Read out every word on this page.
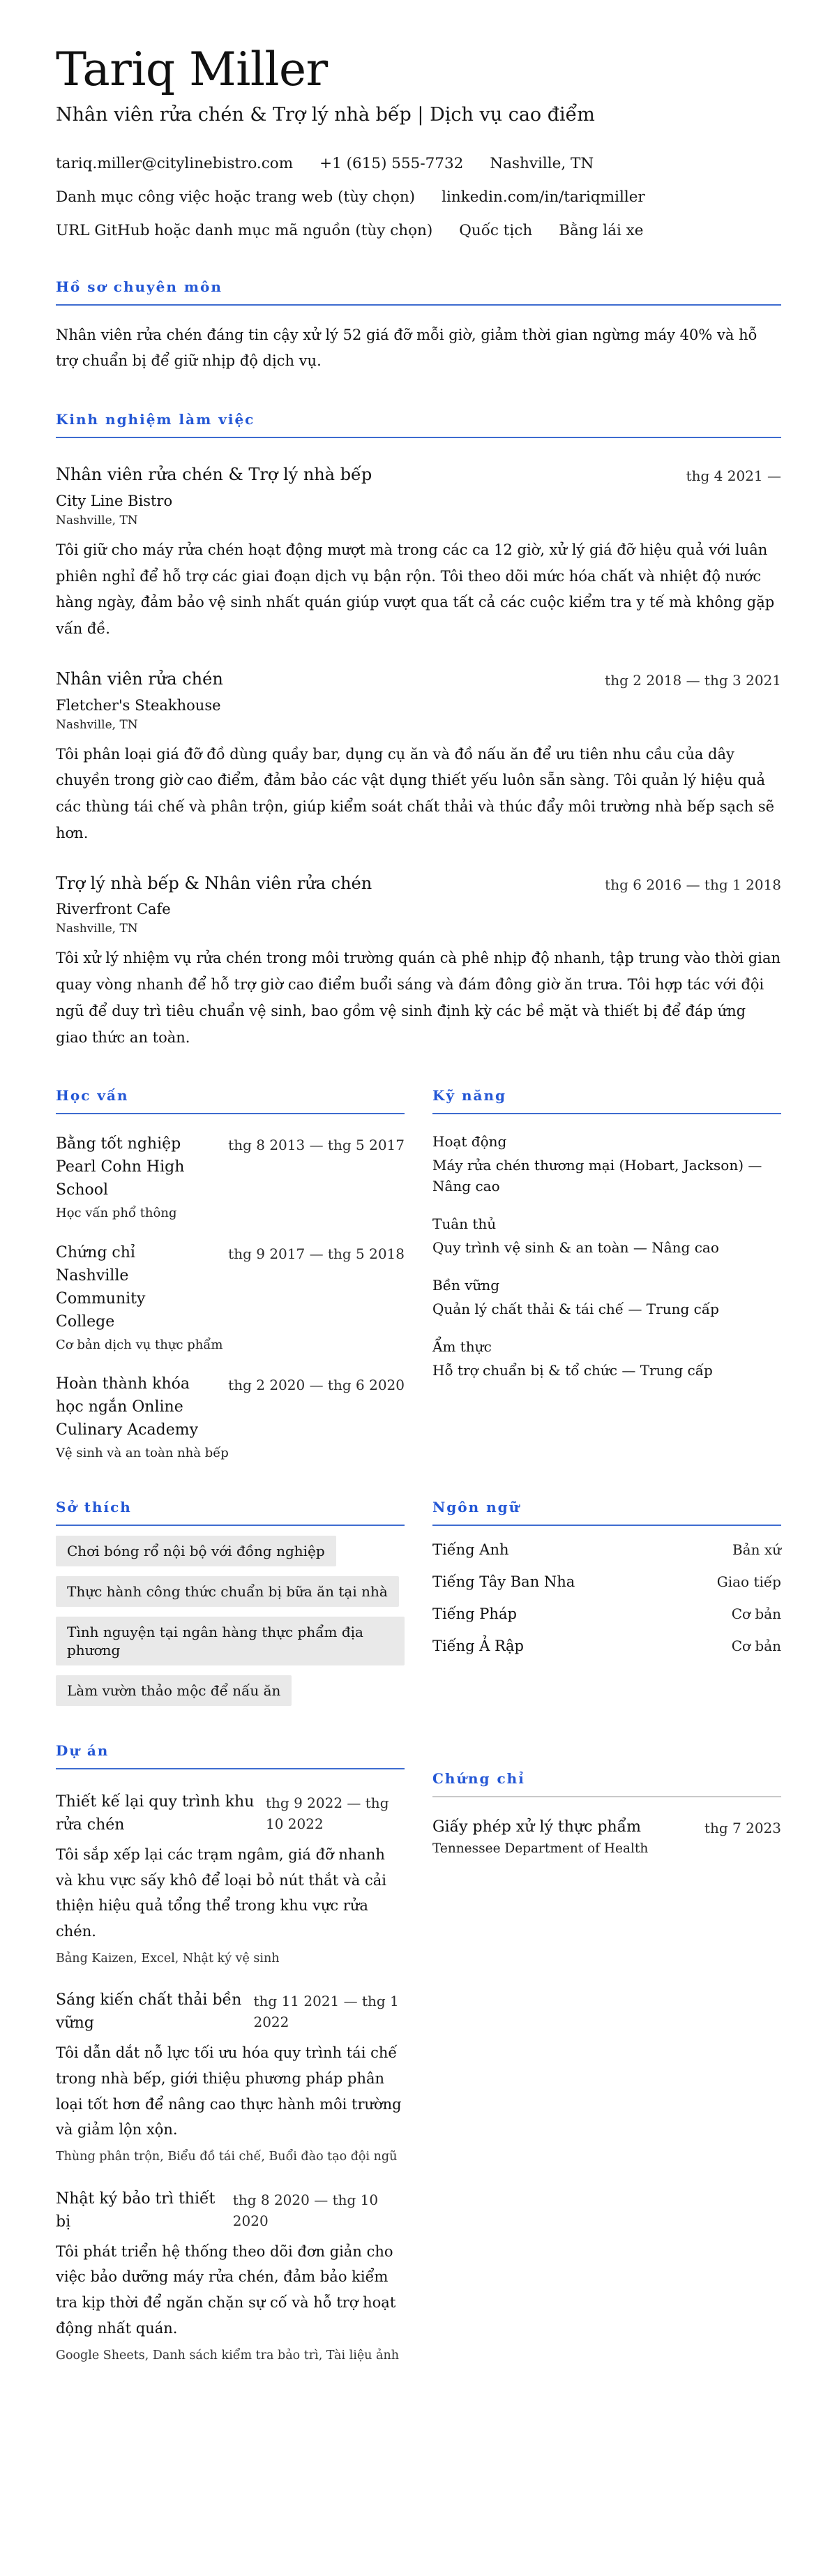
Tariq Miller
Nhân viên rửa chén & Trợ lý nhà bếp | Dịch vụ cao điểm
tariq.miller@citylinebistro.com +1 (615) 555-7732 Nashville, TN
Danh mục công việc hoặc trang web (tùy chọn) linkedin.com/in/tariqmiller
URL GitHub hoặc danh mục mã nguồn (tùy chọn) Quốc tịch Bằng lái xe
Hồ sơ chuyên môn
Nhân viên rửa chén đáng tin cậy xử lý 52 giá đỡ mỗi giờ, giảm thời gian ngừng máy 40% và hỗ trợ chuẩn bị để giữ nhịp độ dịch vụ.
Kinh nghiệm làm việc
Nhân viên rửa chén & Trợ lý nhà bếp	thg 4 2021 —
City Line Bistro
Nashville, TN
Tôi giữ cho máy rửa chén hoạt động mượt mà trong các ca 12 giờ, xử lý giá đỡ hiệu quả với luân phiên nghỉ để hỗ trợ các giai đoạn dịch vụ bận rộn. Tôi theo dõi mức hóa chất và nhiệt độ nước hàng ngày, đảm bảo vệ sinh nhất quán giúp vượt qua tất cả các cuộc kiểm tra y tế mà không gặp vấn đề.
Nhân viên rửa chén	thg 2 2018 — thg 3 2021
Fletcher's Steakhouse
Nashville, TN
Tôi phân loại giá đỡ đồ dùng quầy bar, dụng cụ ăn và đồ nấu ăn để ưu tiên nhu cầu của dây chuyền trong giờ cao điểm, đảm bảo các vật dụng thiết yếu luôn sẵn sàng. Tôi quản lý hiệu quả các thùng tái chế và phân trộn, giúp kiểm soát chất thải và thúc đẩy môi trường nhà bếp sạch sẽ hơn.
Trợ lý nhà bếp & Nhân viên rửa chén	thg 6 2016 — thg 1 2018
Riverfront Cafe
Nashville, TN
Tôi xử lý nhiệm vụ rửa chén trong môi trường quán cà phê nhịp độ nhanh, tập trung vào thời gian quay vòng nhanh để hỗ trợ giờ cao điểm buổi sáng và đám đông giờ ăn trưa. Tôi hợp tác với đội ngũ để duy trì tiêu chuẩn vệ sinh, bao gồm vệ sinh định kỳ các bề mặt và thiết bị để đáp ứng giao thức an toàn.
Học vấn
Bằng tốt nghiệp Pearl Cohn High School
thg 8 2013 — thg 5 2017
Học vấn phổ thông
Chứng chỉ Nashville Community College
thg 9 2017 — thg 5 2018
Cơ bản dịch vụ thực phẩm
Hoàn thành khóa học ngắn Online Culinary Academy
thg 2 2020 — thg 6 2020
Vệ sinh và an toàn nhà bếp
Kỹ năng
Hoạt động
Máy rửa chén thương mại (Hobart, Jackson) — Nâng cao
Tuân thủ
Quy trình vệ sinh & an toàn — Nâng cao
Bền vững
Quản lý chất thải & tái chế — Trung cấp
Ẩm thực
Hỗ trợ chuẩn bị & tổ chức — Trung cấp
Sở thích
Chơi bóng rổ nội bộ với đồng nghiệp
Thực hành công thức chuẩn bị bữa ăn tại nhà
Tình nguyện tại ngân hàng thực phẩm địa phương
Làm vườn thảo mộc để nấu ăn
Ngôn ngữ
Tiếng Anh	Bản xứ
Tiếng Tây Ban Nha	Giao tiếp
Tiếng Pháp	Cơ bản
Tiếng Ả Rập	Cơ bản
Dự án
Thiết kế lại quy trình khu rửa chén
thg 9 2022 — thg 10 2022
Tôi sắp xếp lại các trạm ngâm, giá đỡ nhanh và khu vực sấy khô để loại bỏ nút thắt và cải thiện hiệu quả tổng thể trong khu vực rửa chén.
Bảng Kaizen, Excel, Nhật ký vệ sinh
Sáng kiến chất thải bền vững
thg 11 2021 — thg 1 2022
Tôi dẫn dắt nỗ lực tối ưu hóa quy trình tái chế trong nhà bếp, giới thiệu phương pháp phân loại tốt hơn để nâng cao thực hành môi trường và giảm lộn xộn.
Thùng phân trộn, Biểu đồ tái chế, Buổi đào tạo đội ngũ
Nhật ký bảo trì thiết bị
thg 8 2020 — thg 10 2020
Tôi phát triển hệ thống theo dõi đơn giản cho việc bảo dưỡng máy rửa chén, đảm bảo kiểm tra kịp thời để ngăn chặn sự cố và hỗ trợ hoạt động nhất quán.
Google Sheets, Danh sách kiểm tra bảo trì, Tài liệu ảnh
Chứng chỉ
Giấy phép xử lý thực phẩm	thg 7 2023
Tennessee Department of Health
